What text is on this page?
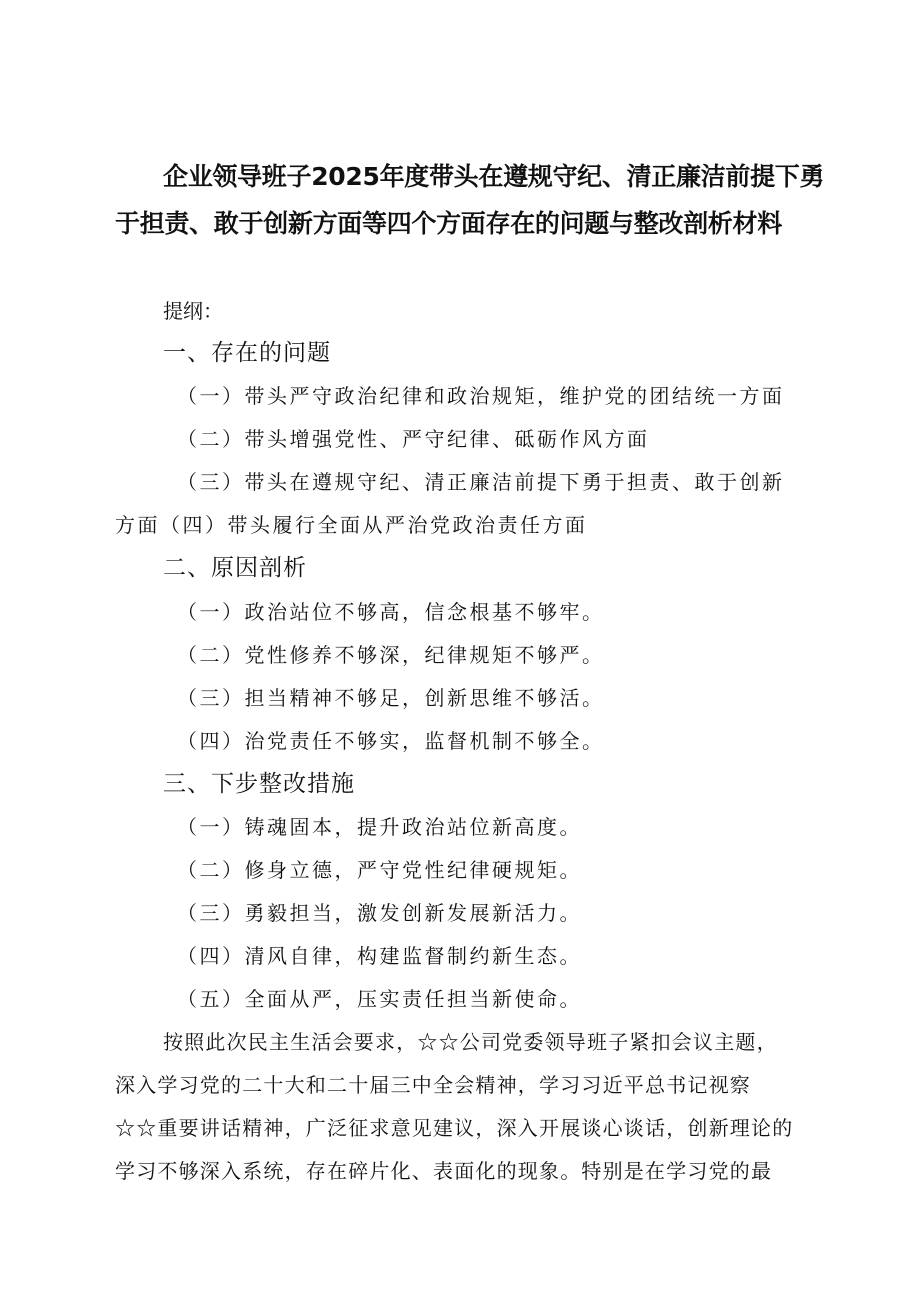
企业领导班子2025年度带头在遵规守纪、清正廉洁前提下勇于担责、敢于创新方面等四个方面存在的问题与整改剖析材料
提纲：
一、存在的问题
（一）带头严守政治纪律和政治规矩，维护党的团结统一方面
（二）带头增强党性、严守纪律、砥砺作风方面
（三）带头在遵规守纪、清正廉洁前提下勇于担责、敢于创新
方面（四）带头履行全面从严治党政治责任方面
二、原因剖析
（一）政治站位不够高，信念根基不够牢。
（二）党性修养不够深，纪律规矩不够严。
（三）担当精神不够足，创新思维不够活。
（四）治党责任不够实，监督机制不够全。
三、下步整改措施
（一）铸魂固本，提升政治站位新高度。
（二）修身立德，严守党性纪律硬规矩。
（三）勇毅担当，激发创新发展新活力。
（四）清风自律，构建监督制约新生态。
（五）全面从严，压实责任担当新使命。
按照此次民主生活会要求，☆☆公司党委领导班子紧扣会议主题，
深入学习党的二十大和二十届三中全会精神，学习习近平总书记视察
☆☆重要讲话精神，广泛征求意见建议，深入开展谈心谈话，创新理论的
学习不够深入系统，存在碎片化、表面化的现象。特别是在学习党的最
